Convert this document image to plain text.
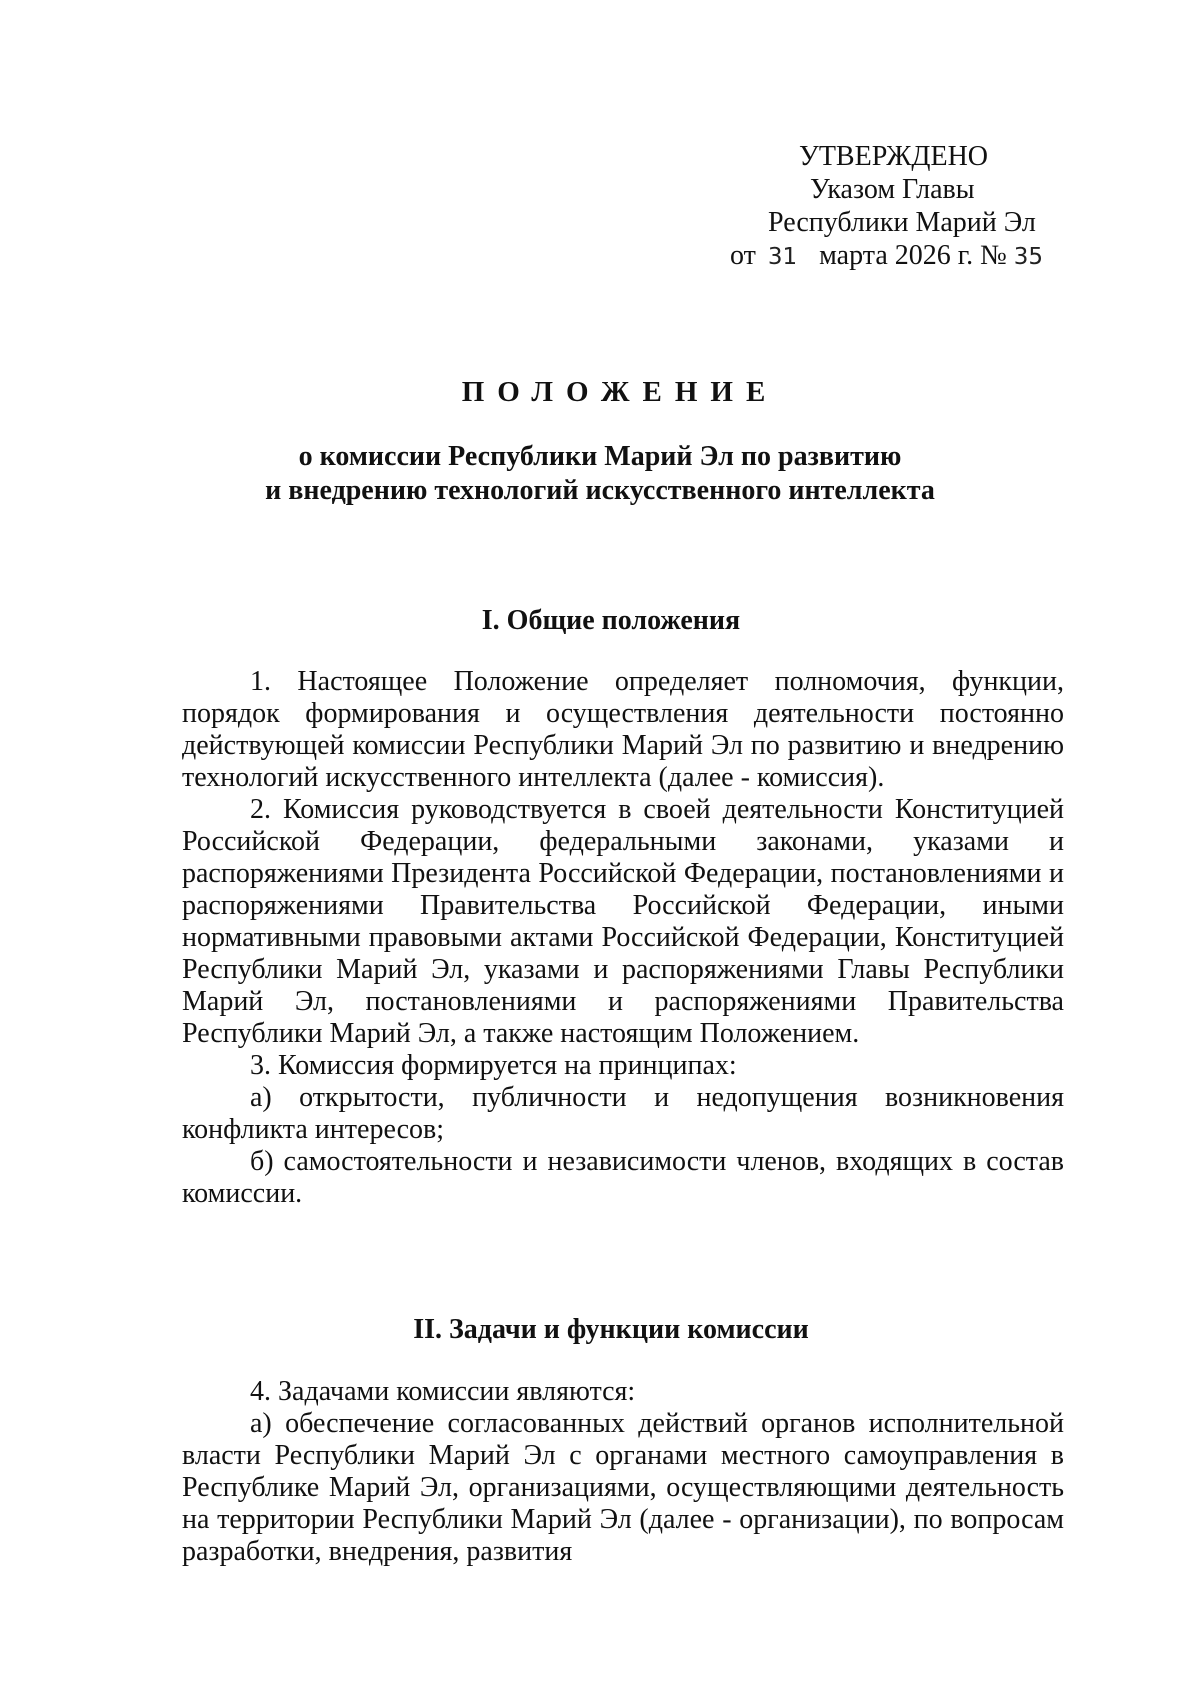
УТВЕРЖДЕНО
Указом Главы
Республики Марий Эл
от 31 марта 2026 г. № 35
ПОЛОЖЕНИЕ
о комиссии Республики Марий Эл по развитию
и внедрению технологий искусственного интеллекта
I. Общие положения

1. Настоящее Положение определяет полномочия, функции, порядок формирования и осуществления деятельности постоянно действующей комиссии Республики Марий Эл по развитию и внедрению технологий искусственного интеллекта (далее - комиссия).

2. Комиссия руководствуется в своей деятельности Конституцией Российской Федерации, федеральными законами, указами и распоряжениями Президента Российской Федерации, постановлениями и распоряжениями Правительства Российской Федерации, иными нормативными правовыми актами Российской Федерации, Конституцией Республики Марий Эл, указами и распоряжениями Главы Республики Марий Эл, постановлениями и распоряжениями Правительства Республики Марий Эл, а также настоящим Положением.

3. Комиссия формируется на принципах:

а) открытости, публичности и недопущения возникновения конфликта интересов;

б) самостоятельности и независимости членов, входящих в состав комиссии.

II. Задачи и функции комиссии

4. Задачами комиссии являются:

а) обеспечение согласованных действий органов исполнительной власти Республики Марий Эл с органами местного самоуправления в Республике Марий Эл, организациями, осуществляющими деятельность на территории Республики Марий Эл (далее - организации), по вопросам разработки, внедрения, развития
